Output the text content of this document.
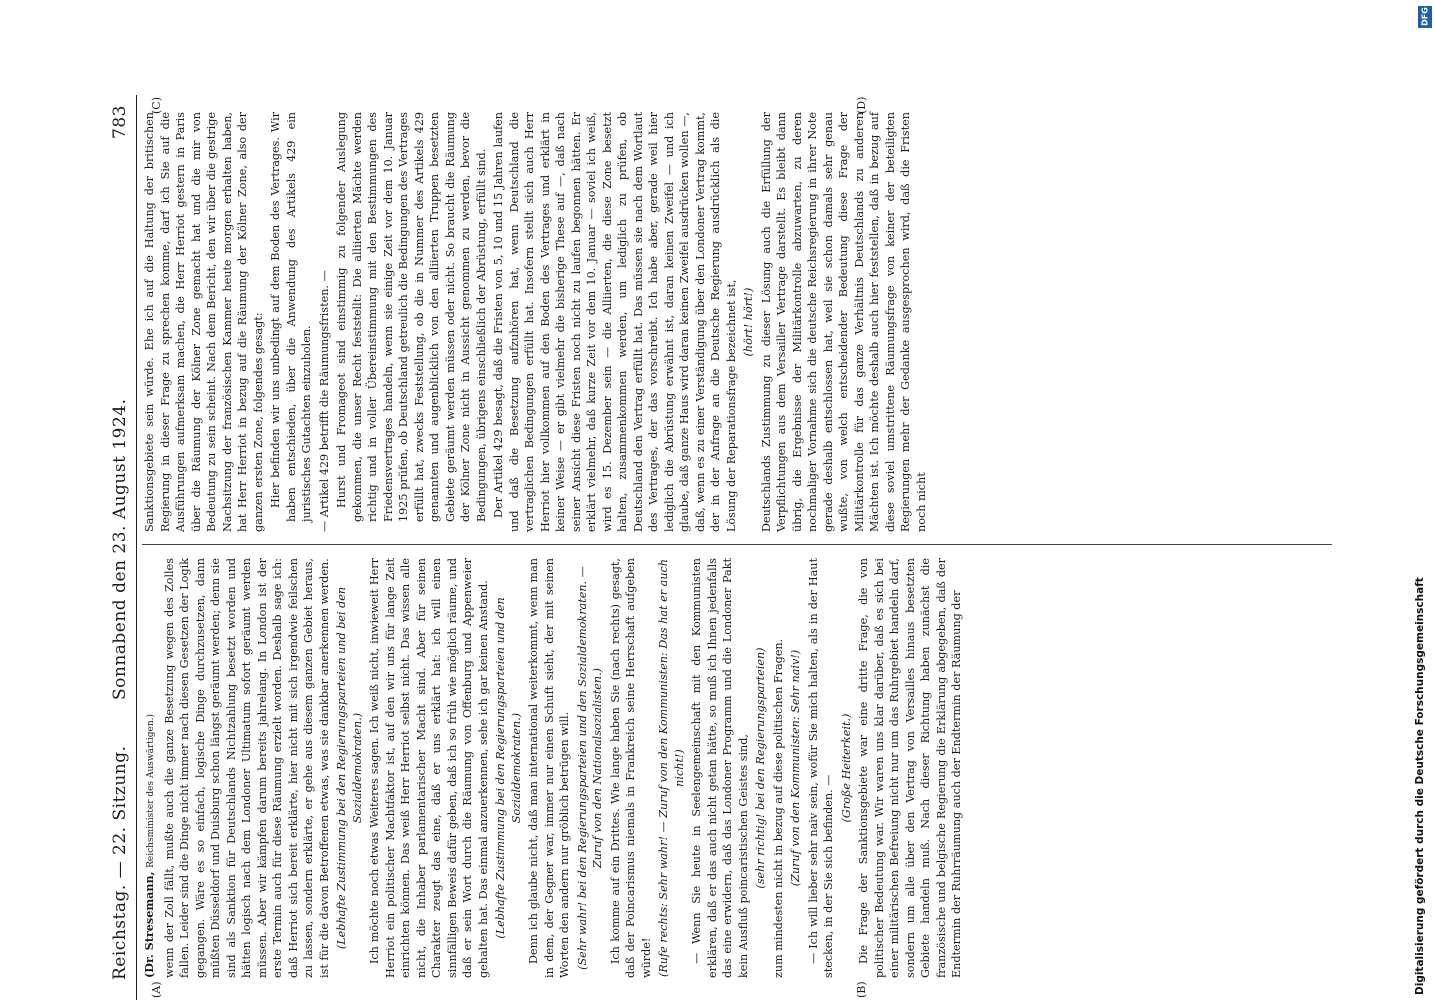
Reichstag. — 22. Sitzung.
Sonnabend den 23. August 1924.
783
(A)	(B)
(C)	(D)

(Dr. Stresemann, Reichsminister des Auswärtigen.) wenn der Zoll fällt, mußte auch die ganze Besetzung wegen des Zolles fallen. Leider sind die Dinge nicht immer nach diesen Gesetzen der Logik gegangen. Wäre es so einfach, logische Dinge durchzusetzen, dann müßten Düsseldorf und Duisburg schon längst geräumt werden; denn sie sind als Sanktion für Deutschlands Nichtzahlung besetzt worden und hätten logisch nach dem Londoner Ultimatum sofort geräumt werden müssen. Aber wir kämpfen darum bereits jahrelang. In London ist der erste Termin auch für diese Räumung erzielt worden. Deshalb sage ich: daß Herriot sich bereit erklärte, hier nicht mit sich irgendwie feilschen zu lassen, sondern erklärte, er gehe aus diesem ganzen Gebiet heraus, ist für die davon Betroffenen etwas, was sie dankbar anerkennen werden. (Lebhafte Zustimmung bei den Regierungsparteien und bei den Sozialdemokraten.) Ich möchte noch etwas Weiteres sagen. Ich weiß nicht, inwieweit Herr Herriot ein politischer Machtfaktor ist, auf den wir uns für lange Zeit einrichten können. Das weiß Herr Herriot selbst nicht. Das wissen alle nicht, die Inhaber parlamentarischer Macht sind. Aber für seinen Charakter zeugt das eine, daß er uns erklärt hat: ich will einen sinnfälligen Beweis dafür geben, daß ich so früh wie möglich räume, und daß er sein Wort durch die Räumung von Offenburg und Appenweier gehalten hat. Das einmal anzuerkennen, sehe ich gar keinen Anstand. (Lebhafte Zustimmung bei den Regierungsparteien und den Sozialdemokraten.) Denn ich glaube nicht, daß man international weiterkommt, wenn man in dem, der Gegner war, immer nur einen Schuft sieht, der mit seinen Worten den andern nur gröblich betrügen will. (Sehr wahr! bei den Regierungsparteien und den Sozialdemokraten. — Zuruf von den Nationalsozialisten.) Ich komme auf ein Drittes. Wie lange haben Sie (nach rechts) gesagt, daß der Poincarismus niemals in Frankreich seine Herrschaft aufgeben würde! (Rufe rechts: Sehr wahr! — Zuruf von den Kommunisten: Das hat er auch nicht!) — Wenn Sie heute in Seelengemeinschaft mit den Kommunisten erklären, daß er das auch nicht getan hätte, so muß ich Ihnen jedenfalls das eine erwidern, daß das Londoner Programm und die Londoner Pakt kein Ausfluß poincaristischen Geistes sind, (sehr richtig! bei den Regierungsparteien) zum mindesten nicht in bezug auf diese politischen Fragen. (Zuruf von den Kommunisten: Sehr naiv!) — Ich will lieber sehr naiv sein, wofür Sie mich halten, als in der Haut stecken, in der Sie sich befinden. —

(Große Heiterkeit.) Die Frage der Sanktionsgebiete war eine dritte Frage, die von politischer Bedeutung war. Wir waren uns klar darüber, daß es sich bei einer militärischen Befreiung nicht nur um das Ruhrgebiet handeln darf, sondern um alle über den Vertrag von Versailles hinaus besetzten Gebiete handeln muß. Nach dieser Richtung haben zunächst die französische und belgische Regierung die Erklärung abgegeben, daß der Endtermin der Ruhrräumung auch der Endtermin der Räumung der

Sanktionsgebiete sein würde. Ehe ich auf die Haltung der britischen Regierung in dieser Frage zu sprechen komme, darf ich Sie auf die Ausführungen aufmerksam machen, die Herr Herriot gestern in Paris über die Räumung der Kölner Zone gemacht hat und die mir von Bedeutung zu sein scheint. Nach dem Bericht, den wir über die gestrige Nachsitzung der französischen Kammer heute morgen erhalten haben, hat Herr Herriot in bezug auf die Räumung der Kölner Zone, also der ganzen ersten Zone, folgendes gesagt: Hier befinden wir uns unbedingt auf dem Boden des Vertrages. Wir haben entschieden, über die Anwendung des Artikels 429 ein juristisches Gutachten einzuholen. — Artikel 429 betrifft die Räumungsfristen. — Hurst und Fromageot sind einstimmig zu folgender Auslegung gekommen, die unser Recht feststellt: Die alliierten Mächte werden richtig und in voller Übereinstimmung mit den Bestimmungen des Friedensvertrages handeln, wenn sie einige Zeit vor dem 10. Januar 1925 prüfen, ob Deutschland getreulich die Bedingungen des Vertrages erfüllt hat, zwecks Feststellung, ob die in Nummer des Artikels 429 genannten und augenblicklich von den alliierten Truppen besetzten Gebiete geräumt werden müssen oder nicht. So braucht die Räumung der Kölner Zone nicht in Aussicht genommen zu werden, bevor die Bedingungen, übrigens einschließlich der Abrüstung, erfüllt sind. Der Artikel 429 besagt, daß die Fristen von 5, 10 und 15 Jahren laufen und daß die Besetzung aufzuhören hat, wenn Deutschland die vertraglichen Bedingungen erfüllt hat. Insofern stellt sich auch Herr Herriot hier vollkommen auf den Boden des Vertrages und erklärt in keiner Weise — er gibt vielmehr die bisherige These auf —, daß nach seiner Ansicht diese Fristen noch nicht zu laufen begonnen hätten. Er erklärt vielmehr, daß kurze Zeit vor dem 10. Januar — soviel ich weiß, wird es 15. Dezember sein — die Alliierten, die diese Zone besetzt halten, zusammenkommen werden, um lediglich zu prüfen, ob Deutschland den Vertrag erfüllt hat. Das müssen sie nach dem Wortlaut des Vertrages, der das vorschreibt. Ich habe aber, gerade weil hier lediglich die Abrüstung erwähnt ist, daran keinen Zweifel — und ich glaube, daß ganze Haus wird daran keinen Zweifel ausdrücken wollen —, daß, wenn es zu einer Verständigung über den Londoner Vertrag kommt, der in der Anfrage an die Deutsche Regierung ausdrücklich als die Lösung der Reparationsfrage bezeichnet ist, (hört! hört!) Deutschlands Zustimmung zu dieser Lösung auch die Erfüllung der Verpflichtungen aus dem Versailler Vertrage darstellt. Es bleibt dann übrig, die Ergebnisse der Militärkontrolle abzuwarten, zu deren nochmaliger Vornahme sich die deutsche Reichsregierung in ihrer Note gerade deshalb entschlossen hat, weil sie schon damals sehr genau wußte, von welch entscheidender Bedeutung diese Frage der Militärkontrolle für das ganze Verhältnis Deutschlands zu anderen Mächten ist. Ich möchte deshalb auch hier feststellen, daß in bezug auf diese soviel umstrittene Räumungsfrage von keiner der beteiligten Regierungen mehr der Gedanke ausgesprochen wird, daß die Fristen noch nicht

Digitalisierung gefördert durch die Deutsche Forschungsgemeinschaft
DFG
